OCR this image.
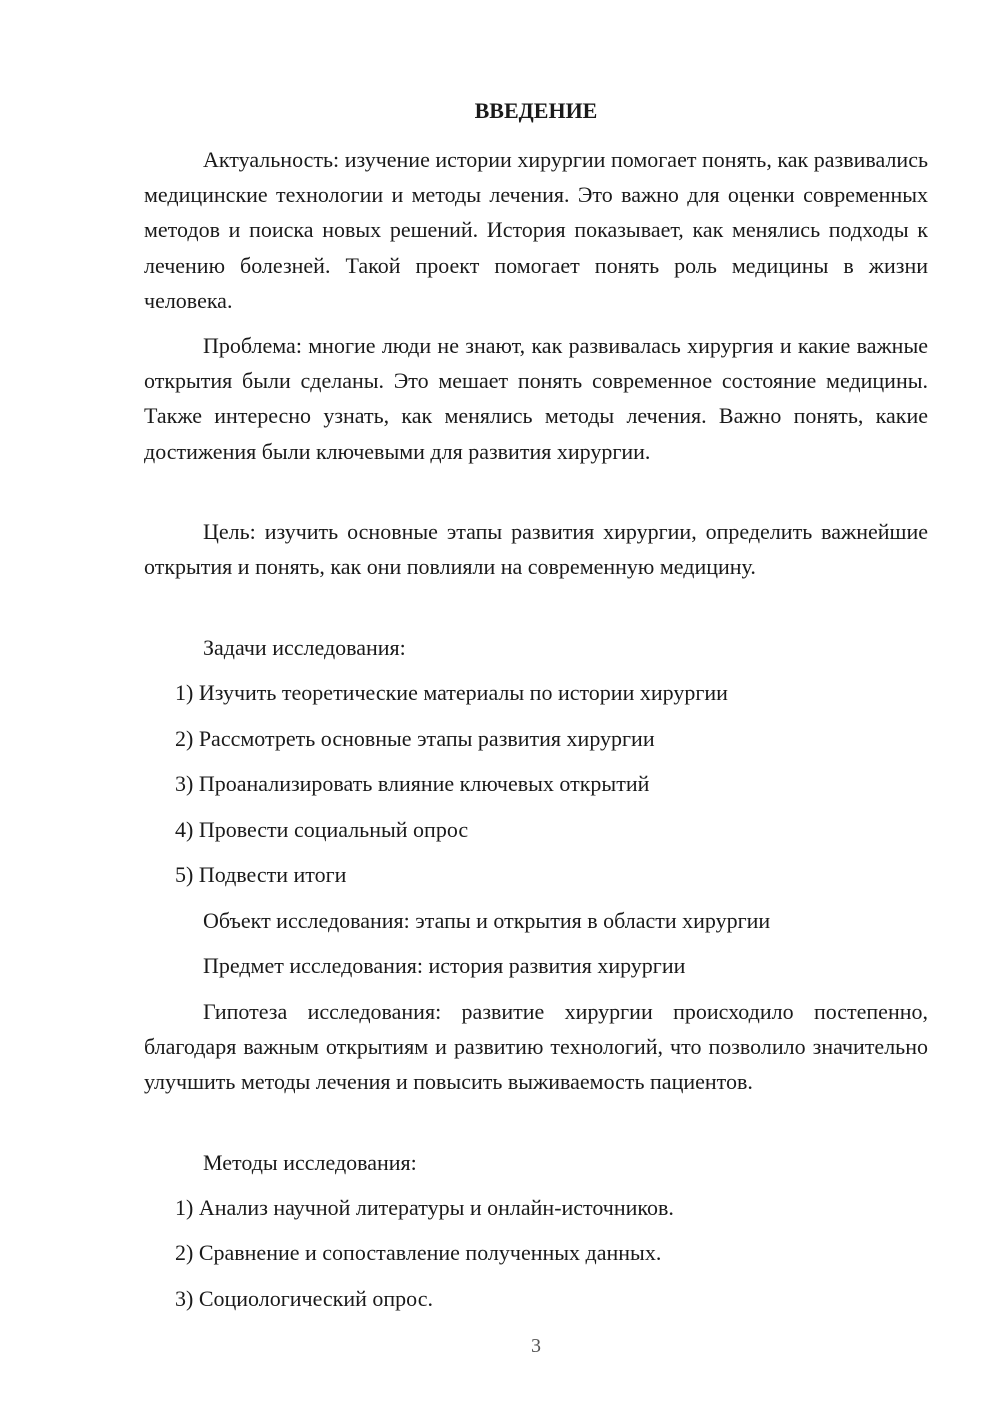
ВВЕДЕНИЕ

Актуальность: изучение истории хирургии помогает понять, как развивались медицинские технологии и методы лечения. Это важно для оценки современных методов и поиска новых решений. История показывает, как менялись подходы к лечению болезней. Такой проект помогает понять роль медицины в жизни человека.

Проблема: многие люди не знают, как развивалась хирургия и какие важные открытия были сделаны. Это мешает понять современное состояние медицины. Также интересно узнать, как менялись методы лечения. Важно понять, какие достижения были ключевыми для развития хирургии.

Цель: изучить основные этапы развития хирургии, определить важнейшие открытия и понять, как они повлияли на современную медицину.

Задачи исследования:

1) Изучить теоретические материалы по истории хирургии

2) Рассмотреть основные этапы развития хирургии

3) Проанализировать влияние ключевых открытий

4) Провести социальный опрос

5) Подвести итоги

Объект исследования: этапы и открытия в области хирургии

Предмет исследования: история развития хирургии

Гипотеза исследования: развитие хирургии происходило постепенно, благодаря важным открытиям и развитию технологий, что позволило значительно улучшить методы лечения и повысить выживаемость пациентов.

Методы исследования:

1) Анализ научной литературы и онлайн-источников.

2) Сравнение и сопоставление полученных данных.

3) Социологический опрос.

3
